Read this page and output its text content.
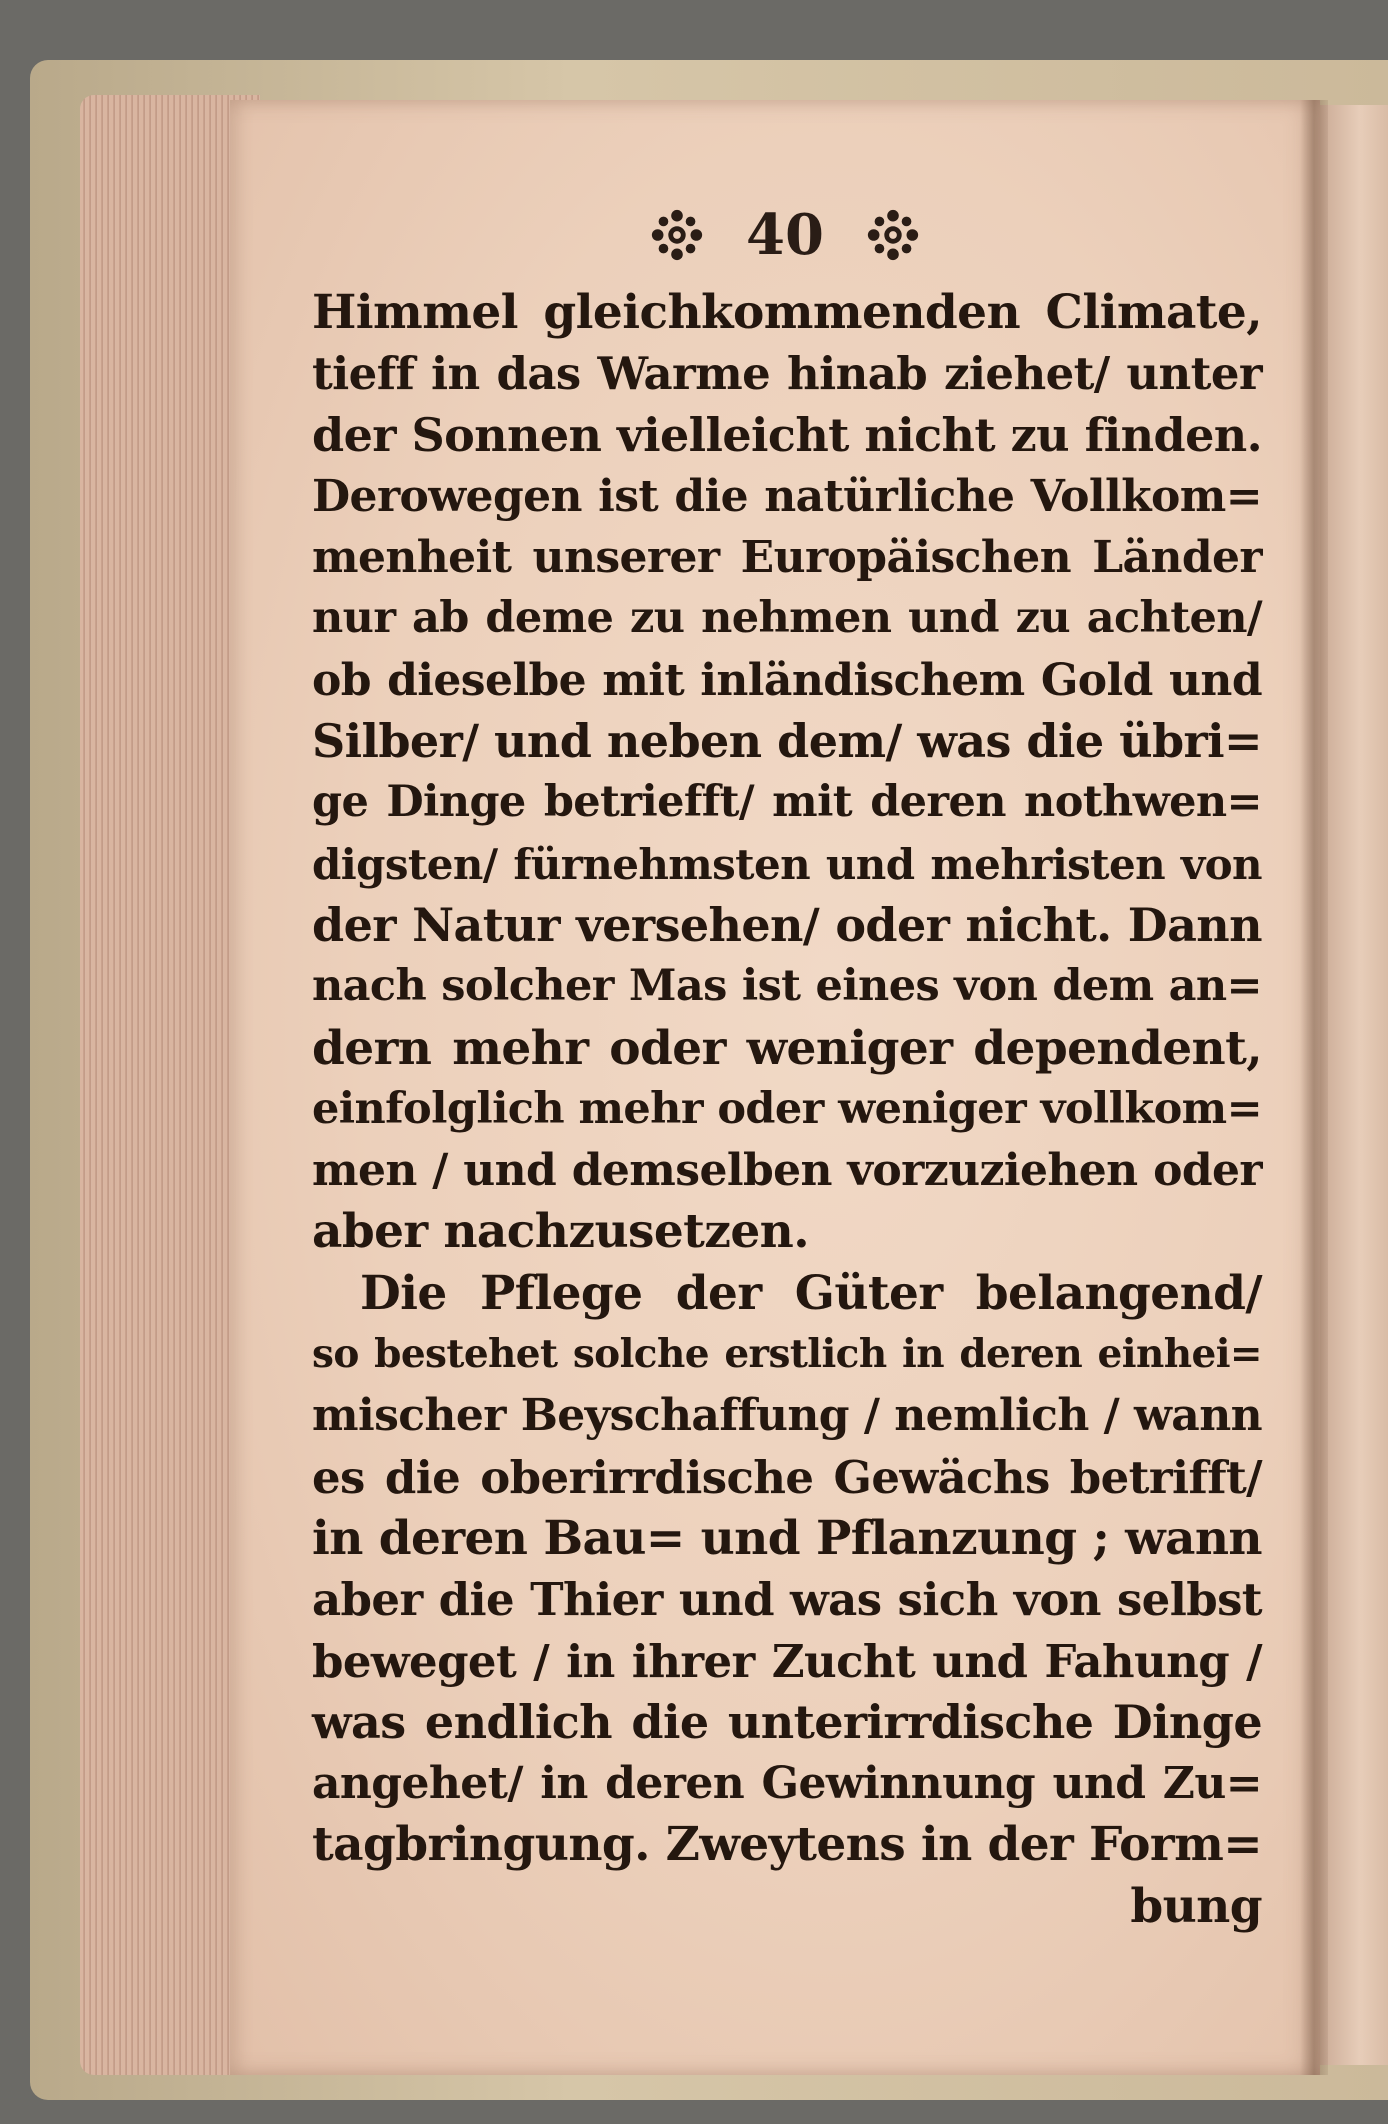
40
Himmel gleichkommenden Climate,
tieff in das Warme hinab ziehet/ unter
der Sonnen vielleicht nicht zu finden.
Derowegen ist die natürliche Vollkom=
menheit unserer Europäischen Länder
nur ab deme zu nehmen und zu achten/
ob dieselbe mit inländischem Gold und
Silber/ und neben dem/ was die übri=
ge Dinge betriefft/ mit deren nothwen=
digsten/ fürnehmsten und mehristen von
der Natur versehen/ oder nicht. Dann
nach solcher Mas ist eines von dem an=
dern mehr oder weniger dependent,
einfolglich mehr oder weniger vollkom=
men / und demselben vorzuziehen oder
aber nachzusetzen.
Die Pflege der Güter belangend/
so bestehet solche erstlich in deren einhei=
mischer Beyschaffung / nemlich / wann
es die oberirrdische Gewächs betrifft/
in deren Bau= und Pflanzung ; wann
aber die Thier und was sich von selbst
beweget / in ihrer Zucht und Fahung /
was endlich die unterirrdische Dinge
angehet/ in deren Gewinnung und Zu=
tagbringung. Zweytens in der Form=
bung
